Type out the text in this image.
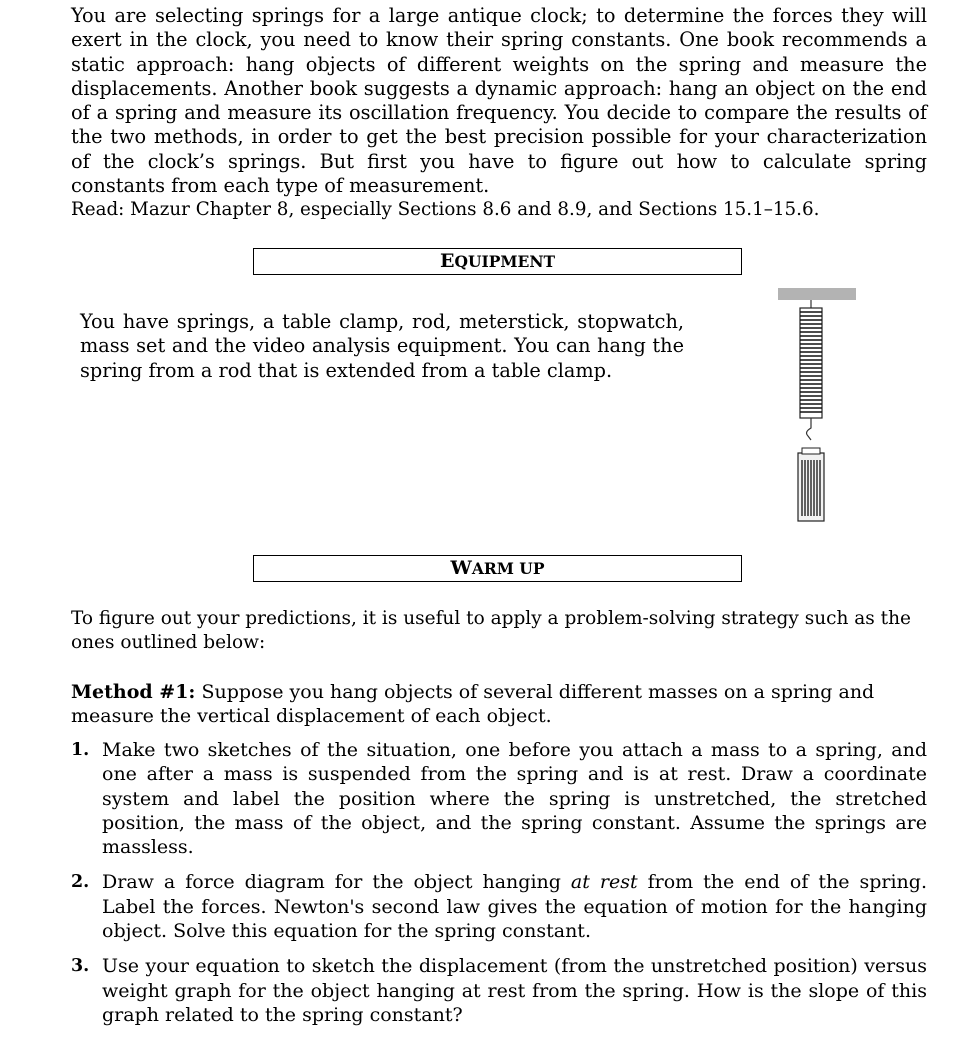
You are selecting springs for a large antique clock; to determine the forces they will exert in the clock, you need to know their spring constants. One book recommends a static approach: hang objects of different weights on the spring and measure the displacements. Another book suggests a dynamic approach: hang an object on the end of a spring and measure its oscillation frequency. You decide to compare the results of the two methods, in order to get the best precision possible for your characterization of the clock’s springs. But first you have to figure out how to calculate spring constants from each type of measurement.

Read: Mazur Chapter 8, especially Sections 8.6 and 8.9, and Sections 15.1–15.6.

EQUIPMENT

You have springs, a table clamp, rod, meterstick, stopwatch, mass set and the video analysis equipment. You can hang the spring from a rod that is extended from a table clamp.

WARM UP

To figure out your predictions, it is useful to apply a problem-solving strategy such as the ones outlined below:

Method #1: Suppose you hang objects of several different masses on a spring and measure the vertical displacement of each object.

1. Make two sketches of the situation, one before you attach a mass to a spring, and one after a mass is suspended from the spring and is at rest. Draw a coordinate system and label the position where the spring is unstretched, the stretched position, the mass of the object, and the spring constant. Assume the springs are massless.
2. Draw a force diagram for the object hanging at rest from the end of the spring. Label the forces. Newton's second law gives the equation of motion for the hanging object. Solve this equation for the spring constant.
3. Use your equation to sketch the displacement (from the unstretched position) versus weight graph for the object hanging at rest from the spring. How is the slope of this graph related to the spring constant?
